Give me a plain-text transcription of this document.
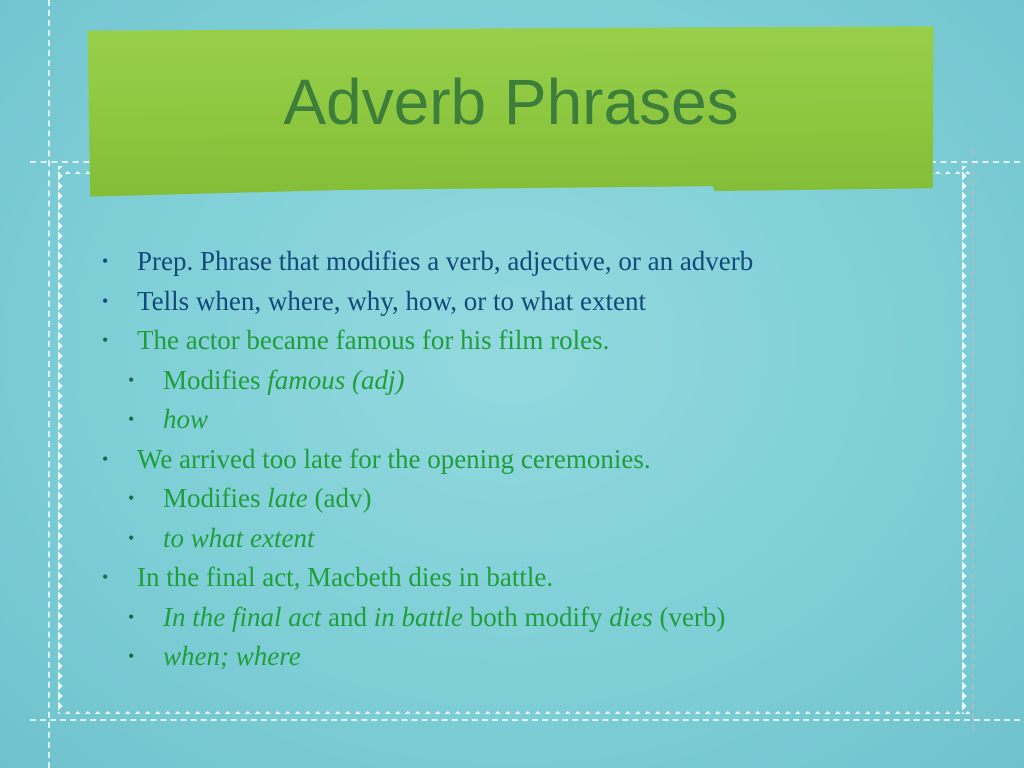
Adverb Phrases
• Prep. Phrase that modifies a verb, adjective, or an adverb
• Tells when, where, why, how, or to what extent
• The actor became famous for his film roles.
• Modifies famous (adj)
• how
• We arrived too late for the opening ceremonies.
• Modifies late (adv)
• to what extent
• In the final act, Macbeth dies in battle.
• In the final act and in battle both modify dies (verb)
• when; where
